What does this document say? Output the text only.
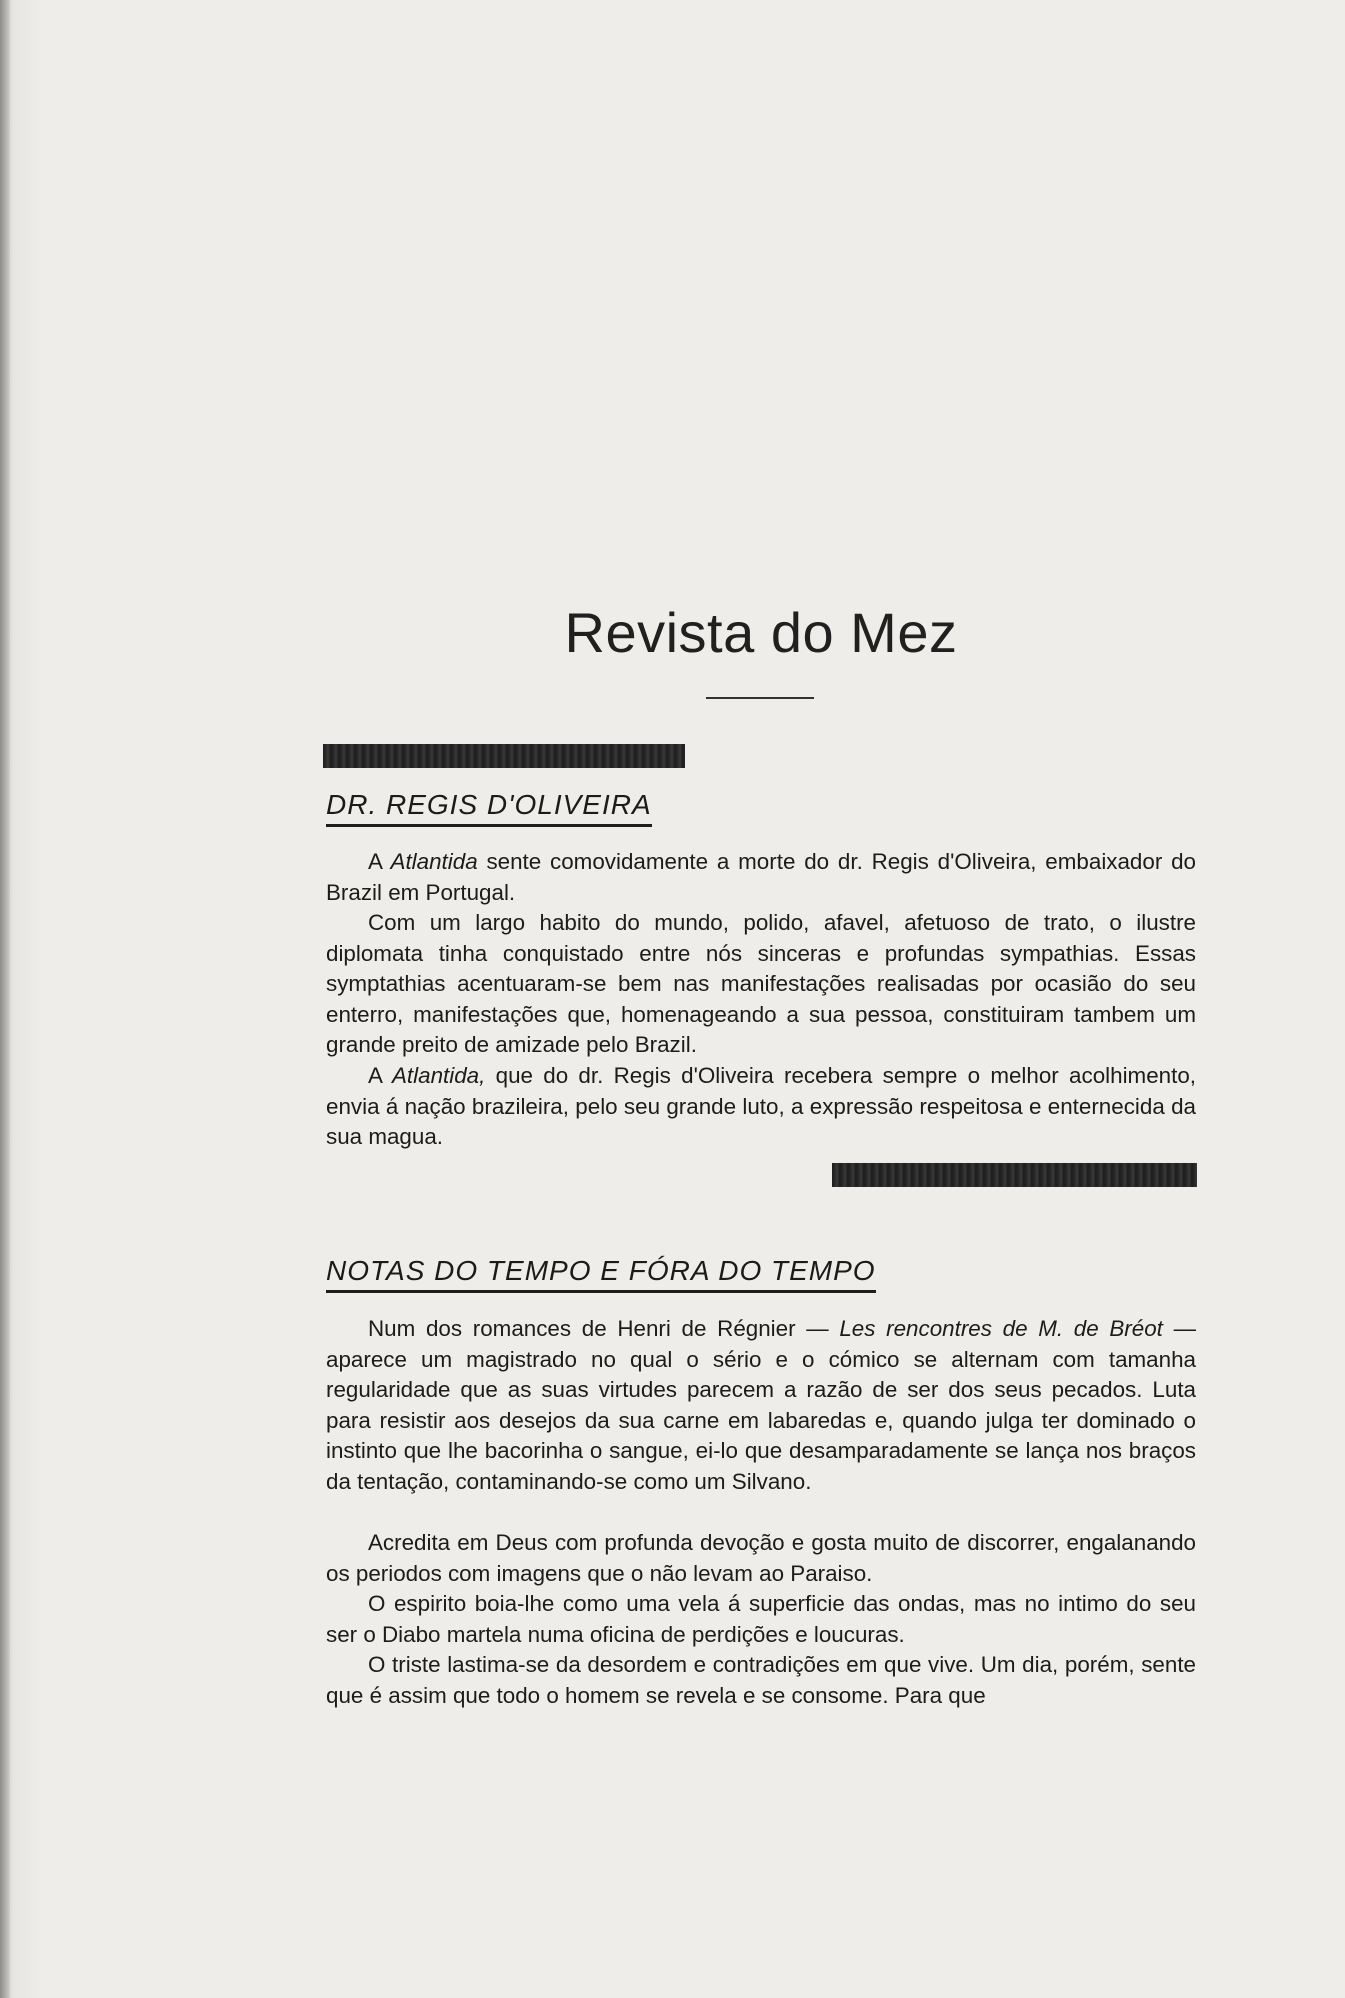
Revista do Mez
DR. REGIS D'OLIVEIRA

A Atlantida sente comovidamente a morte do dr. Regis d'Oliveira, embaixador do Brazil em Portugal.

Com um largo habito do mundo, polido, afavel, afetuoso de trato, o ilustre diplomata tinha conquistado entre nós sinceras e profundas sympathias. Essas symptathias acentuaram-se bem nas manifestações realisadas por ocasião do seu enterro, manifestações que, homenageando a sua pessoa, constituiram tambem um grande preito de amizade pelo Brazil.

A Atlantida, que do dr. Regis d'Oliveira recebera sempre o melhor acolhimento, envia á nação brazileira, pelo seu grande luto, a expressão respeitosa e enternecida da sua magua.

NOTAS DO TEMPO E FÓRA DO TEMPO

Num dos romances de Henri de Régnier — Les rencontres de M. de Bréot — aparece um magistrado no qual o sério e o cómico se alternam com tamanha regularidade que as suas virtudes parecem a razão de ser dos seus pecados. Luta para resistir aos desejos da sua carne em labaredas e, quando julga ter dominado o instinto que lhe bacorinha o sangue, ei-lo que desamparadamente se lança nos braços da tentação, contaminando-se como um Silvano.

Acredita em Deus com profunda devoção e gosta muito de discorrer, engalanando os periodos com imagens que o não levam ao Paraiso.

O espirito boia-lhe como uma vela á superficie das ondas, mas no intimo do seu ser o Diabo martela numa oficina de perdições e loucuras.

O triste lastima-se da desordem e contradições em que vive. Um dia, porém, sente que é assim que todo o homem se revela e se consome. Para que
